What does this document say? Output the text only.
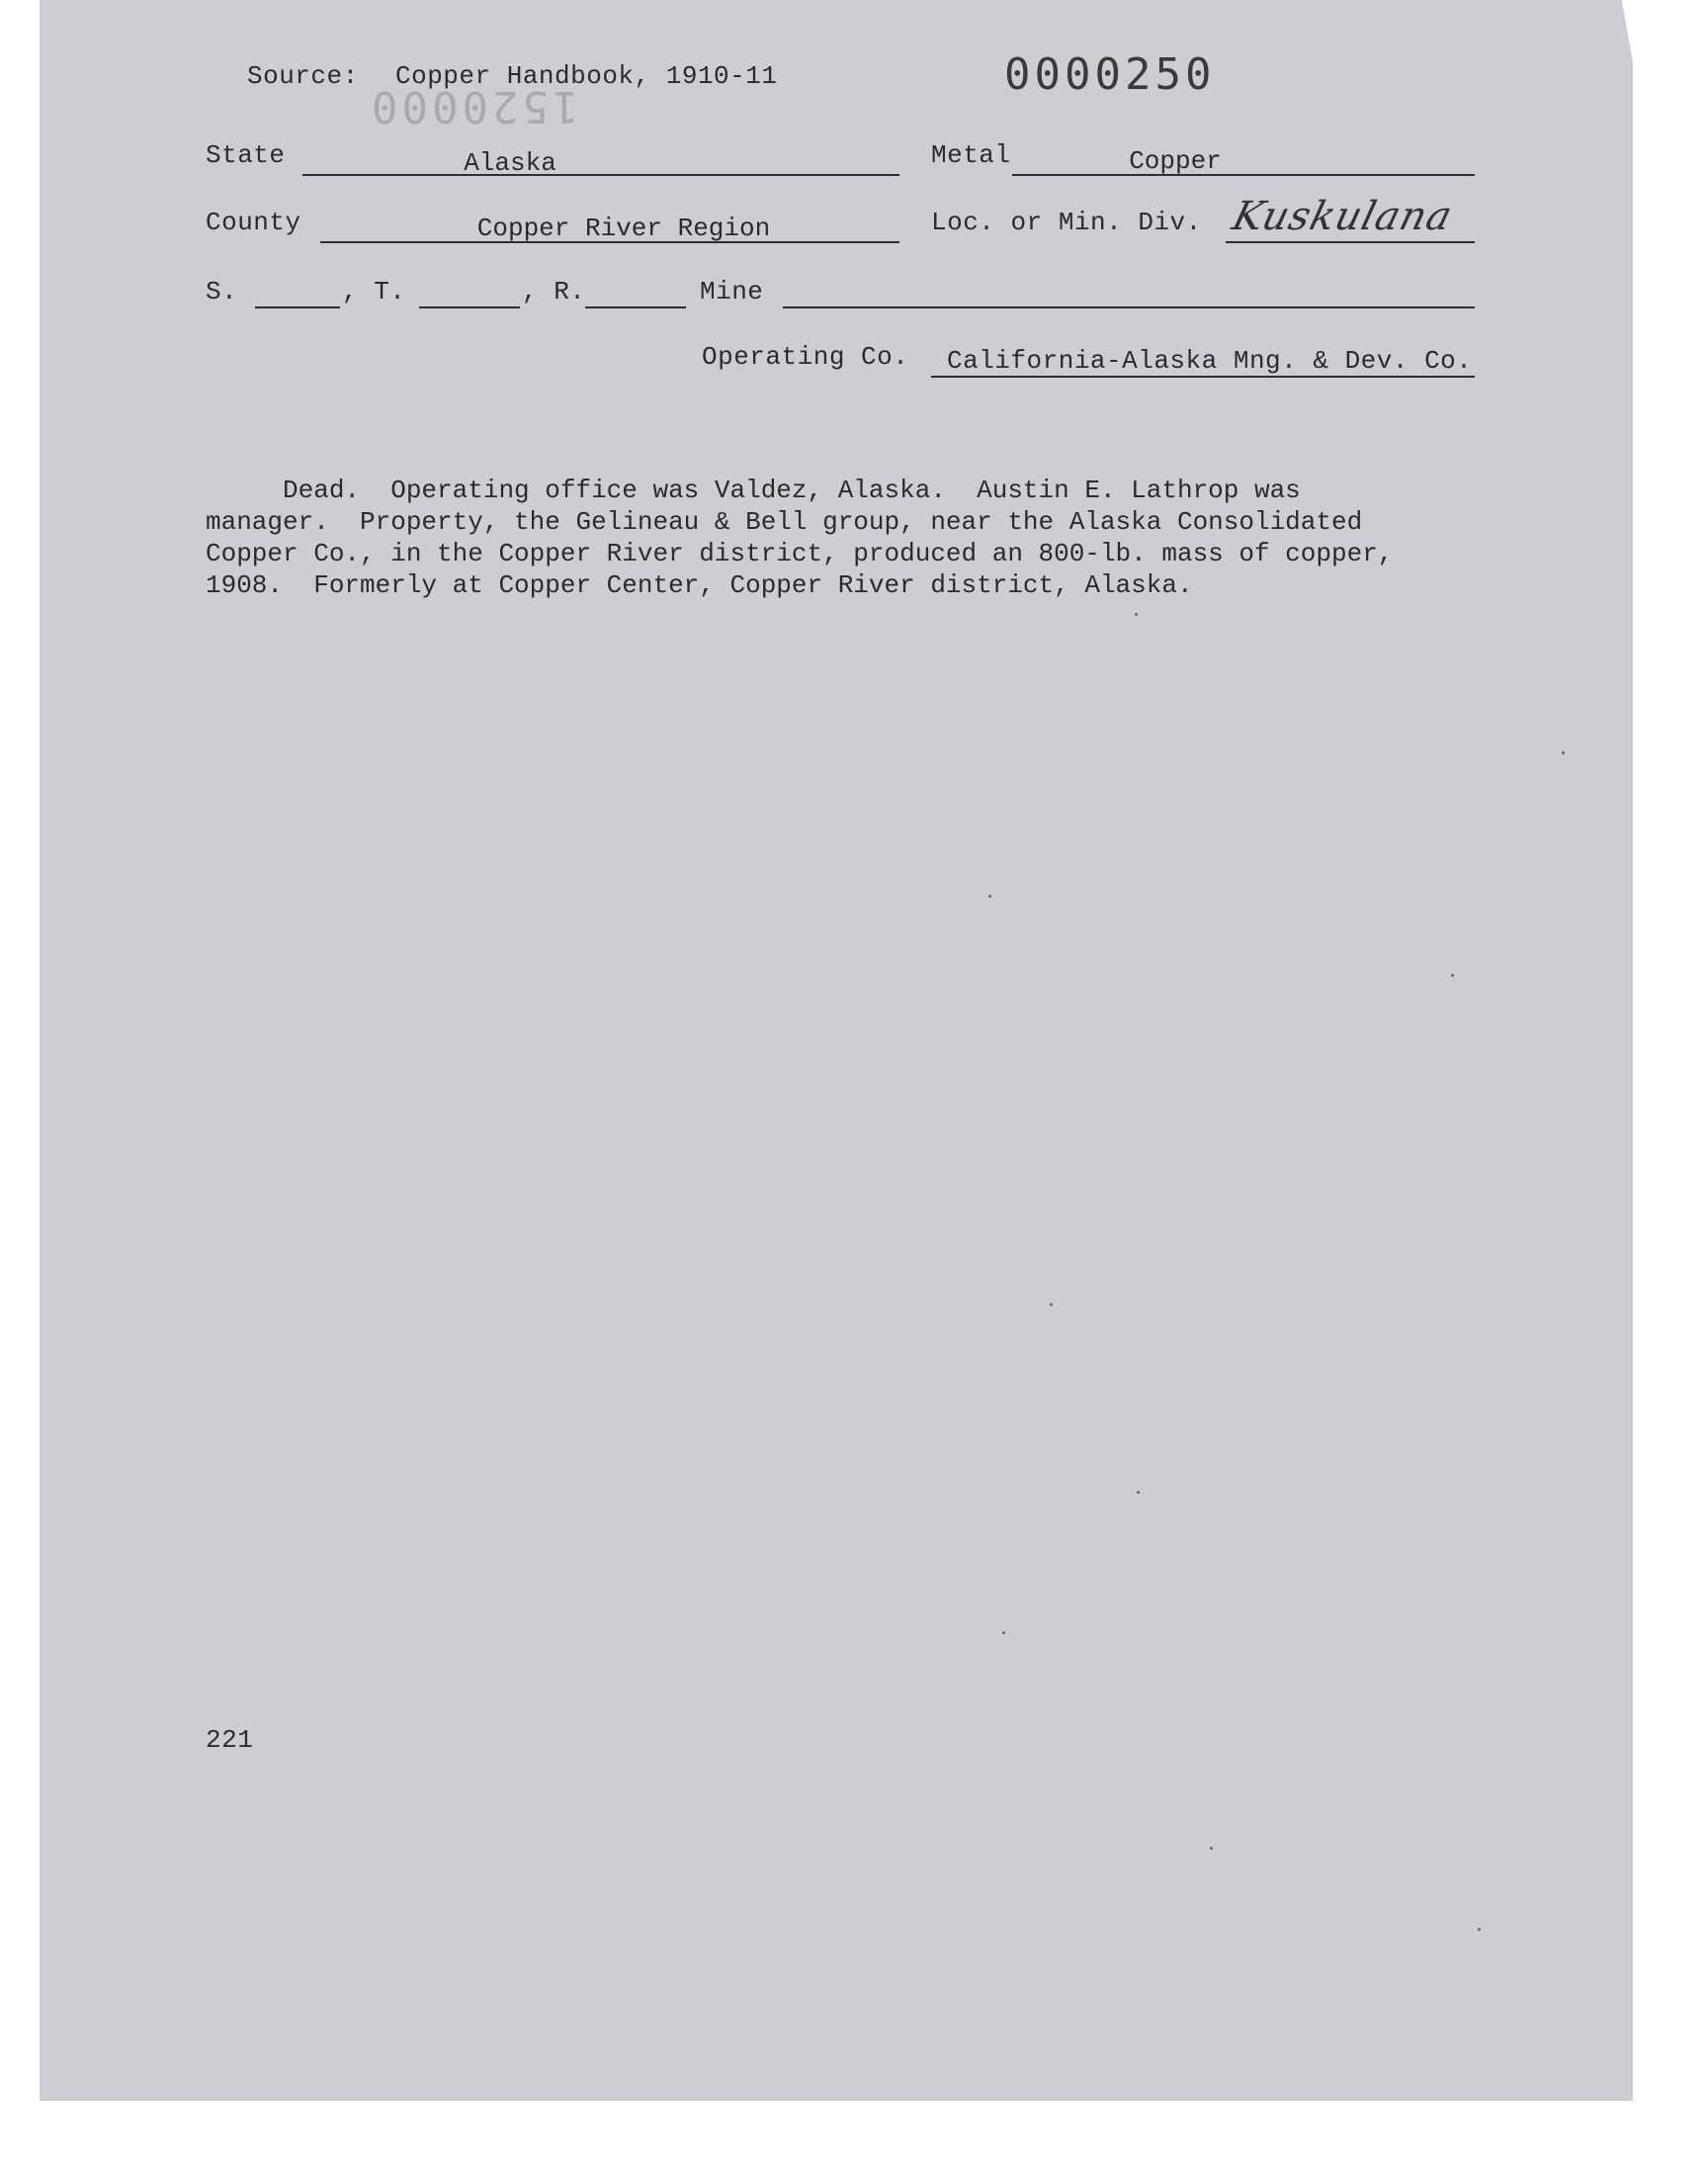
Source: Copper Handbook, 1910-11	0000250
1520000
State	Alaska	Metal	Copper
County	Copper River Region	Loc. or Min. Div. Kuskulana
S.	, T.	, R.	Mine
Operating Co. California-Alaska Mng. & Dev. Co.
Dead.  Operating office was Valdez, Alaska.  Austin E. Lathrop was
manager.  Property, the Gelineau & Bell group, near the Alaska Consolidated
Copper Co., in the Copper River district, produced an 800-lb. mass of copper,
1908.  Formerly at Copper Center, Copper River district, Alaska.
221
